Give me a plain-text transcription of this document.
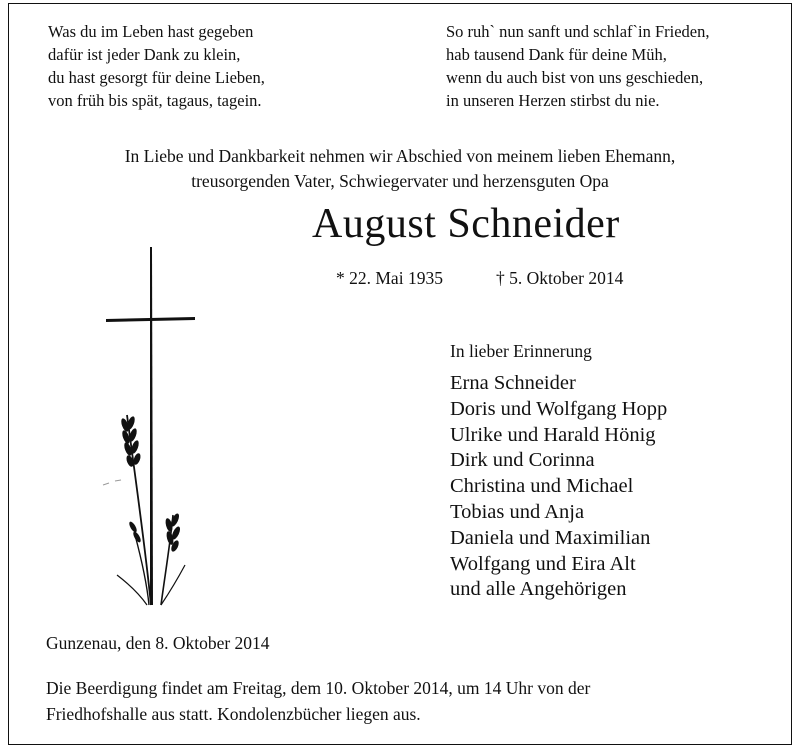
Was du im Leben hast gegeben
dafür ist jeder Dank zu klein,
du hast gesorgt für deine Lieben,
von früh bis spät, tagaus, tagein.
So ruh` nun sanft und schlaf`in Frieden,
hab tausend Dank für deine Müh,
wenn du auch bist von uns geschieden,
in unseren Herzen stirbst du nie.
In Liebe und Dankbarkeit nehmen wir Abschied von meinem lieben Ehemann,
treusorgenden Vater, Schwiegervater und herzensguten Opa
August Schneider
* 22. Mai 1935	† 5. Oktober 2014
In lieber Erinnerung
Erna Schneider
Doris und Wolfgang Hopp
Ulrike und Harald Hönig
Dirk und Corinna
Christina und Michael
Tobias und Anja
Daniela und Maximilian
Wolfgang und Eira Alt
und alle Angehörigen
Gunzenau, den 8. Oktober 2014
Die Beerdigung findet am Freitag, dem 10. Oktober 2014, um 14 Uhr von der
Friedhofshalle aus statt. Kondolenzbücher liegen aus.
